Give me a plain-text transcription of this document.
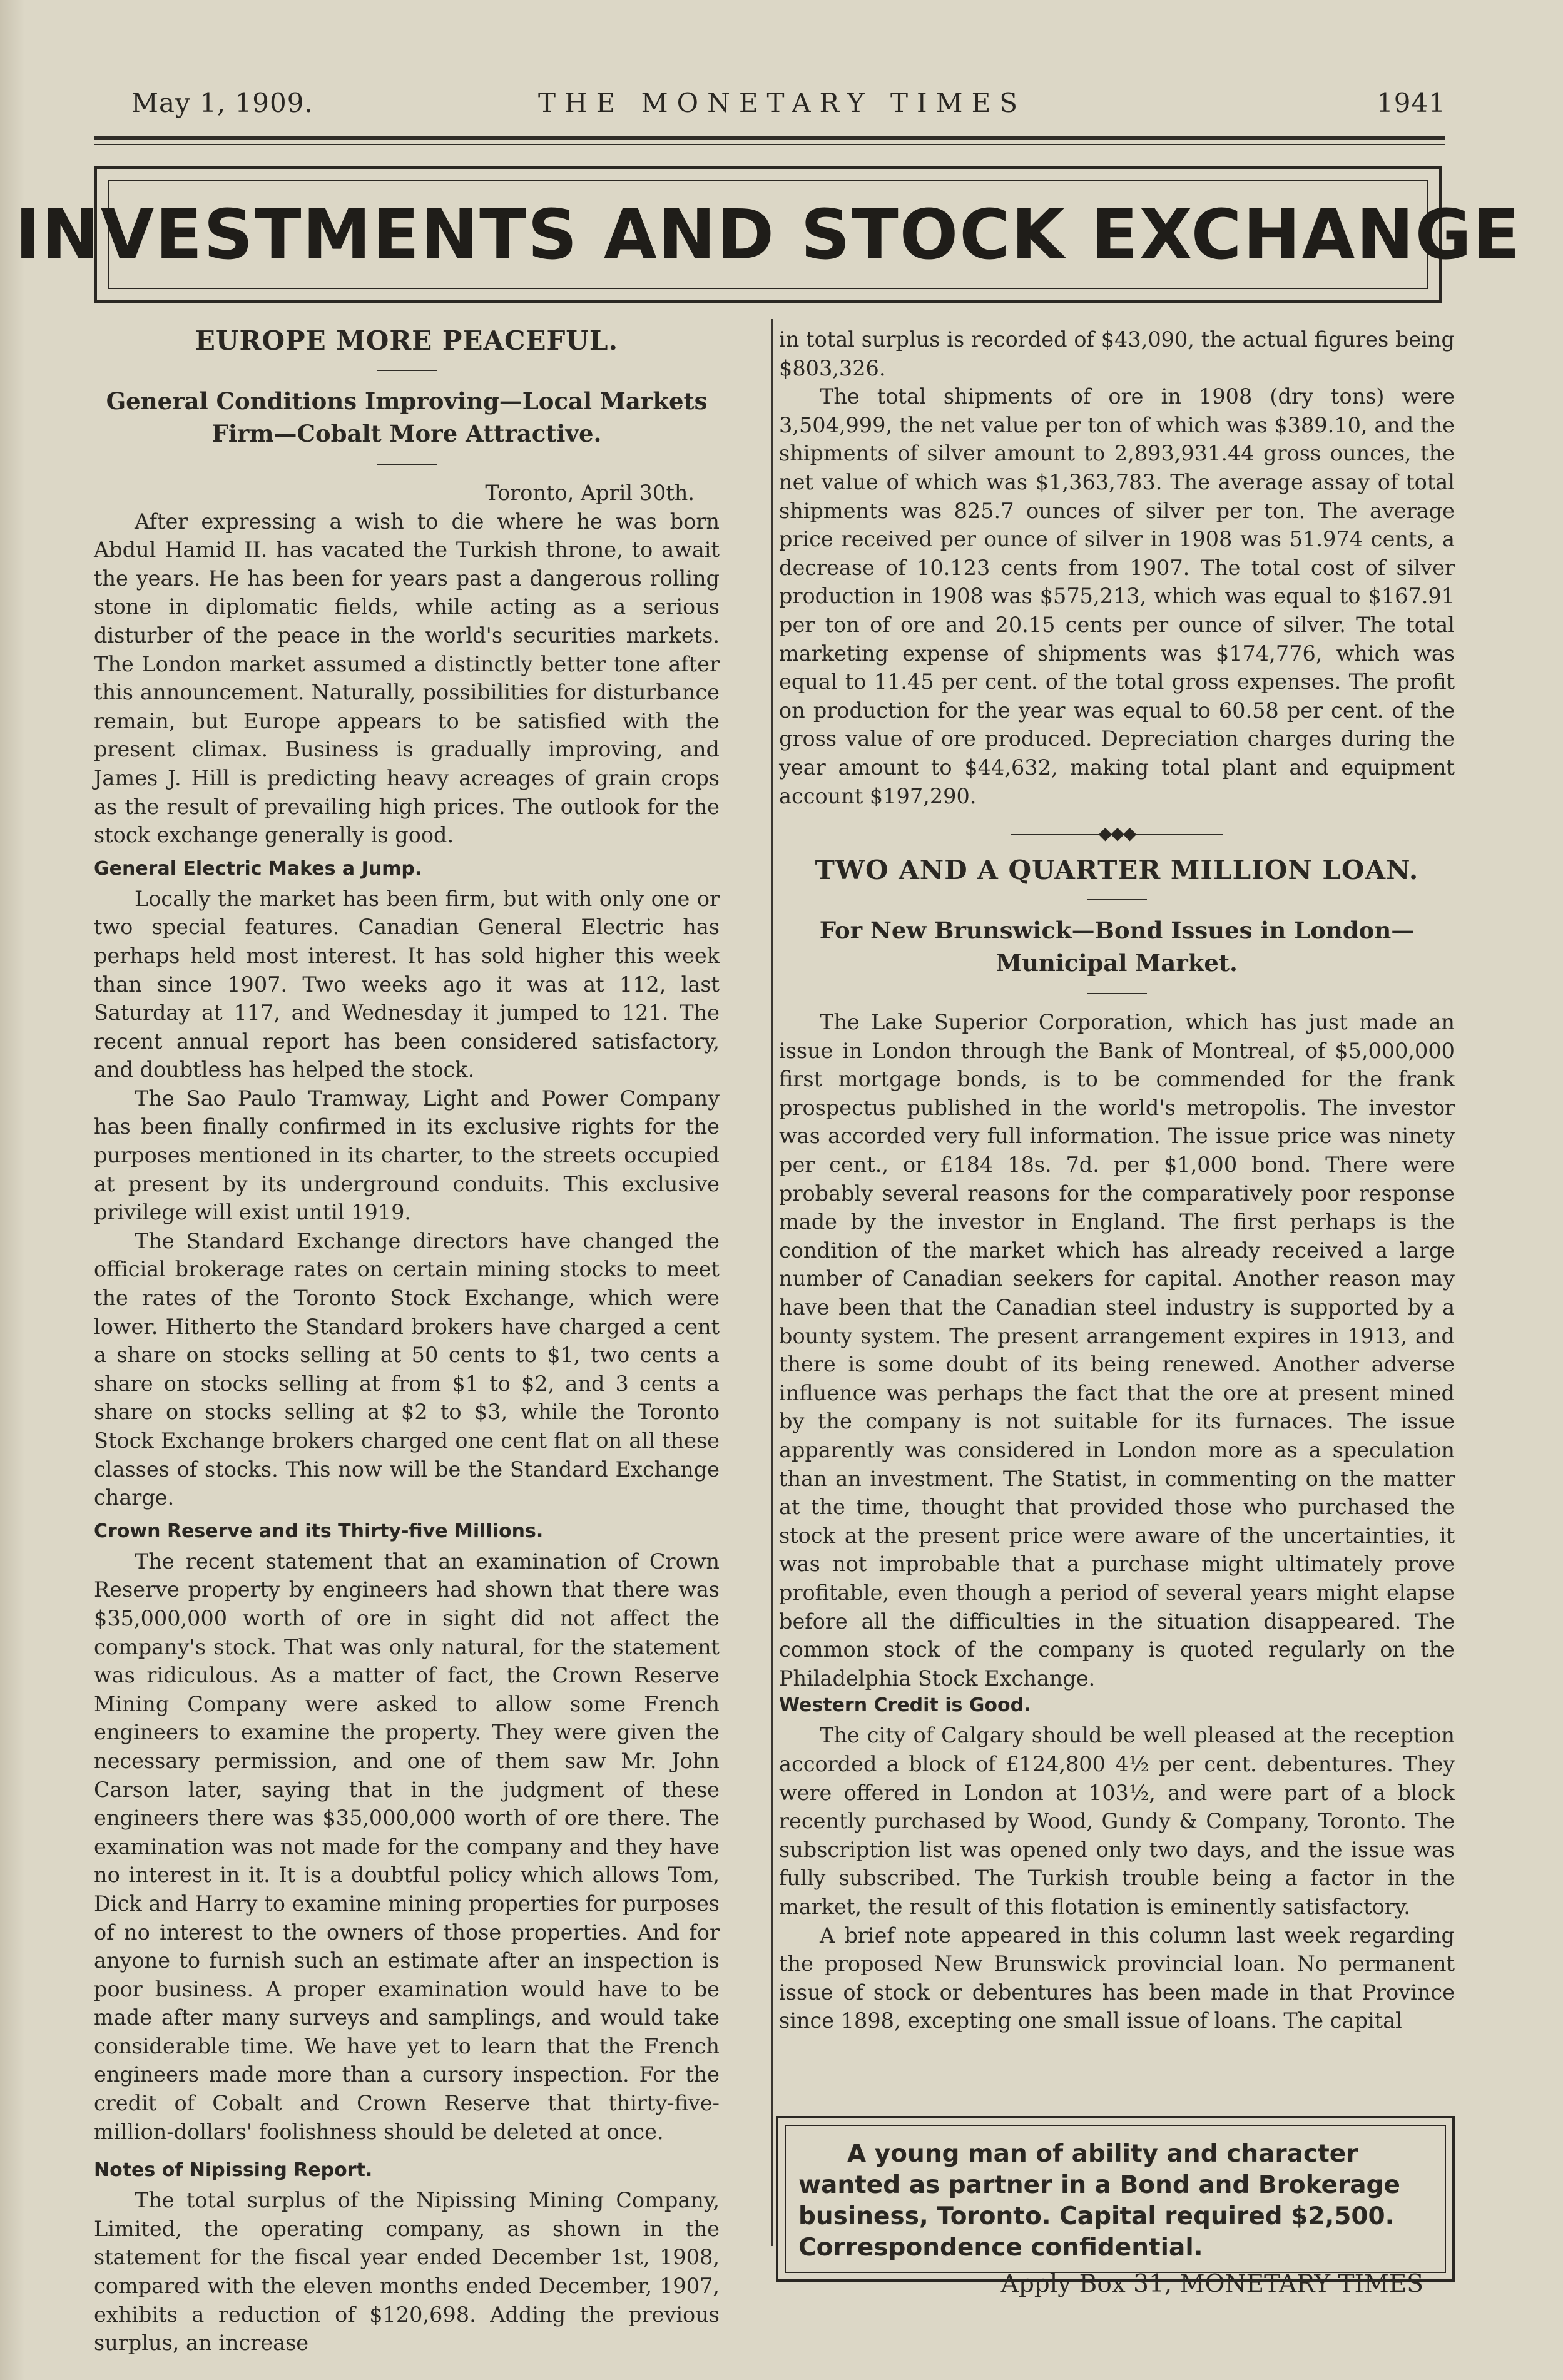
May 1, 1909.	THE MONETARY TIMES	1941
INVESTMENTS AND STOCK EXCHANGE
EUROPE MORE PEACEFUL.
General Conditions Improving—Local Markets Firm—Cobalt More Attractive.

Toronto, April 30th.

After expressing a wish to die where he was born Abdul Hamid II. has vacated the Turkish throne, to await the years. He has been for years past a dangerous rolling stone in diplomatic fields, while acting as a serious disturber of the peace in the world's securities markets. The London market assumed a distinctly better tone after this announcement. Naturally, possibilities for disturbance remain, but Europe appears to be satisfied with the present climax. Business is gradually improving, and James J. Hill is predicting heavy acreages of grain crops as the result of prevailing high prices. The outlook for the stock exchange generally is good.

General Electric Makes a Jump.

Locally the market has been firm, but with only one or two special features. Canadian General Electric has perhaps held most interest. It has sold higher this week than since 1907. Two weeks ago it was at 112, last Saturday at 117, and Wednesday it jumped to 121. The recent annual report has been considered satisfactory, and doubtless has helped the stock.

The Sao Paulo Tramway, Light and Power Company has been finally confirmed in its exclusive rights for the purposes mentioned in its charter, to the streets occupied at present by its underground conduits. This exclusive privilege will exist until 1919.

The Standard Exchange directors have changed the official brokerage rates on certain mining stocks to meet the rates of the Toronto Stock Exchange, which were lower. Hitherto the Standard brokers have charged a cent a share on stocks selling at 50 cents to $1, two cents a share on stocks selling at from $1 to $2, and 3 cents a share on stocks selling at $2 to $3, while the Toronto Stock Exchange brokers charged one cent flat on all these classes of stocks. This now will be the Standard Exchange charge.

Crown Reserve and its Thirty-five Millions.

The recent statement that an examination of Crown Reserve property by engineers had shown that there was $35,000,000 worth of ore in sight did not affect the company's stock. That was only natural, for the statement was ridiculous. As a matter of fact, the Crown Reserve Mining Company were asked to allow some French engineers to examine the property. They were given the necessary permission, and one of them saw Mr. John Carson later, saying that in the judgment of these engineers there was $35,000,000 worth of ore there. The examination was not made for the company and they have no interest in it. It is a doubtful policy which allows Tom, Dick and Harry to examine mining properties for purposes of no interest to the owners of those properties. And for anyone to furnish such an estimate after an inspection is poor business. A proper examination would have to be made after many surveys and samplings, and would take considerable time. We have yet to learn that the French engineers made more than a cursory inspection. For the credit of Cobalt and Crown Reserve that thirty-five-million-dollars' foolishness should be deleted at once.

Notes of Nipissing Report.

The total surplus of the Nipissing Mining Company, Limited, the operating company, as shown in the statement for the fiscal year ended December 1st, 1908, compared with the eleven months ended December, 1907, exhibits a reduction of $120,698. Adding the previous surplus, an increase

in total surplus is recorded of $43,090, the actual figures being $803,326.

The total shipments of ore in 1908 (dry tons) were 3,504,999, the net value per ton of which was $389.10, and the shipments of silver amount to 2,893,931.44 gross ounces, the net value of which was $1,363,783. The average assay of total shipments was 825.7 ounces of silver per ton. The average price received per ounce of silver in 1908 was 51.974 cents, a decrease of 10.123 cents from 1907. The total cost of silver production in 1908 was $575,213, which was equal to $167.91 per ton of ore and 20.15 cents per ounce of silver. The total marketing expense of shipments was $174,776, which was equal to 11.45 per cent. of the total gross expenses. The profit on production for the year was equal to 60.58 per cent. of the gross value of ore produced. Depreciation charges during the year amount to $44,632, making total plant and equipment account $197,290.

◆◆◆
TWO AND A QUARTER MILLION LOAN.
For New Brunswick—Bond Issues in London—Municipal Market.

The Lake Superior Corporation, which has just made an issue in London through the Bank of Montreal, of $5,000,000 first mortgage bonds, is to be commended for the frank prospectus published in the world's metropolis. The investor was accorded very full information. The issue price was ninety per cent., or £184 18s. 7d. per $1,000 bond. There were probably several reasons for the comparatively poor response made by the investor in England. The first perhaps is the condition of the market which has already received a large number of Canadian seekers for capital. Another reason may have been that the Canadian steel industry is supported by a bounty system. The present arrangement expires in 1913, and there is some doubt of its being renewed. Another adverse influence was perhaps the fact that the ore at present mined by the company is not suitable for its furnaces. The issue apparently was considered in London more as a speculation than an investment. The Statist, in commenting on the matter at the time, thought that provided those who purchased the stock at the present price were aware of the uncertainties, it was not improbable that a purchase might ultimately prove profitable, even though a period of several years might elapse before all the difficulties in the situation disappeared. The common stock of the company is quoted regularly on the Philadelphia Stock Exchange.

Western Credit is Good.

The city of Calgary should be well pleased at the reception accorded a block of £124,800 4½ per cent. debentures. They were offered in London at 103½, and were part of a block recently purchased by Wood, Gundy & Company, Toronto. The subscription list was opened only two days, and the issue was fully subscribed. The Turkish trouble being a factor in the market, the result of this flotation is eminently satisfactory.

A brief note appeared in this column last week regarding the proposed New Brunswick provincial loan. No permanent issue of stock or debentures has been made in that Province since 1898, excepting one small issue of loans. The capital

A young man of ability and character wanted as partner in a Bond and Brokerage business, Toronto. Capital required $2,500. Correspondence confidential.

Apply Box 31, MONETARY TIMES
